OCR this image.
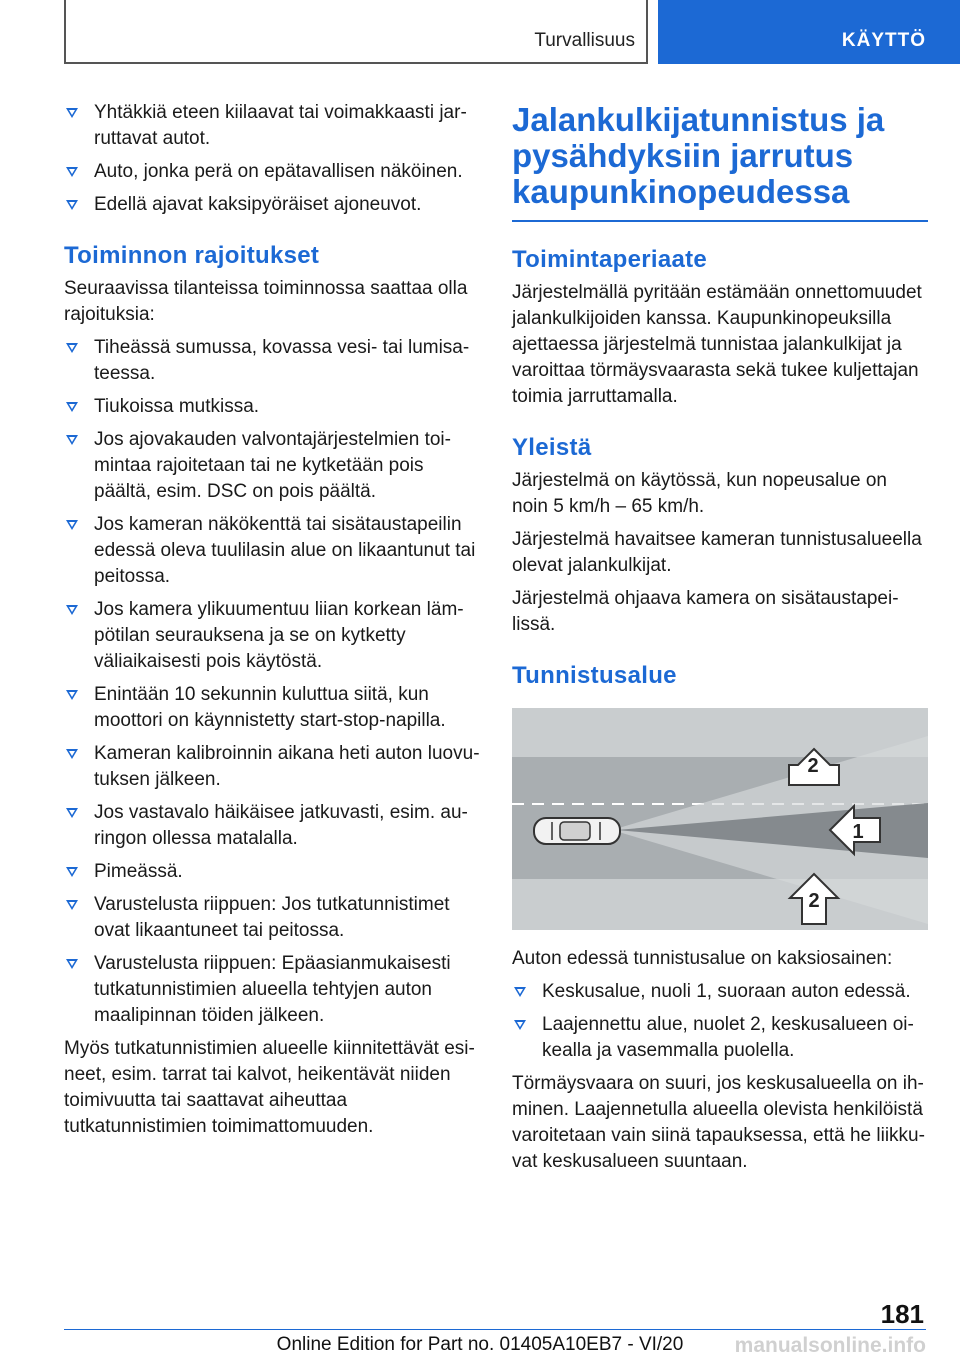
Turvallisuus	KÄYTTÖ
Yhtäkkiä eteen kiilaavat tai voimakkaasti jarruttavat autot.
Auto, jonka perä on epätavallisen näköinen.
Edellä ajavat kaksipyöräiset ajoneuvot.
Toiminnon rajoitukset

Seuraavissa tilanteissa toiminnossa saattaa olla rajoituksia:

Tiheässä sumussa, kovassa vesi- tai lumisateessa.
Tiukoissa mutkissa.
Jos ajovakauden valvontajärjestelmien toimintaa rajoitetaan tai ne kytketään pois päältä, esim. DSC on pois päältä.
Jos kameran näkökenttä tai sisätaustapeilin edessä oleva tuulilasin alue on likaantunut tai peitossa.
Jos kamera ylikuumentuu liian korkean lämpötilan seurauksena ja se on kytketty väliaikaisesti pois käytöstä.
Enintään 10 sekunnin kuluttua siitä, kun moottori on käynnistetty start-stop-napilla.
Kameran kalibroinnin aikana heti auton luovutuksen jälkeen.
Jos vastavalo häikäisee jatkuvasti, esim. auringon ollessa matalalla.
Pimeässä.
Varustelusta riippuen: Jos tutkatunnistimet ovat likaantuneet tai peitossa.
Varustelusta riippuen: Epäasianmukaisesti tutkatunnistimien alueella tehtyjen auton maalipinnan töiden jälkeen.

Myös tutkatunnistimien alueelle kiinnitettävät esineet, esim. tarrat tai kalvot, heikentävät niiden toimivuutta tai saattavat aiheuttaa tutkatunnistimien toimimattomuuden.

Jalankulkijatunnistus ja pysähdyksiin jarrutus kaupunkinopeudessa
Toimintaperiaate

Järjestelmällä pyritään estämään onnettomuudet jalankulkijoiden kanssa. Kaupunkinopeuksilla ajettaessa järjestelmä tunnistaa jalankulkijat ja varoittaa törmäysvaarasta sekä tukee kuljettajan toimia jarruttamalla.

Yleistä

Järjestelmä on käytössä, kun nopeusalue on noin 5 km/h – 65 km/h.

Järjestelmä havaitsee kameran tunnistusalueella olevat jalankulkijat.

Järjestelmä ohjaava kamera on sisätaustapeilissä.

Tunnistusalue
2
1
2

Auton edessä tunnistusalue on kaksiosainen:

Keskusalue, nuoli 1, suoraan auton edessä.
Laajennettu alue, nuolet 2, keskusalueen oikealla ja vasemmalla puolella.

Törmäysvaara on suuri, jos keskusalueella on ihminen. Laajennetulla alueella olevista henkilöistä varoitetaan vain siinä tapauksessa, että he liikkuvat keskusalueen suuntaan.

181
Online Edition for Part no. 01405A10EB7 - VI/20	manualsonline.info
